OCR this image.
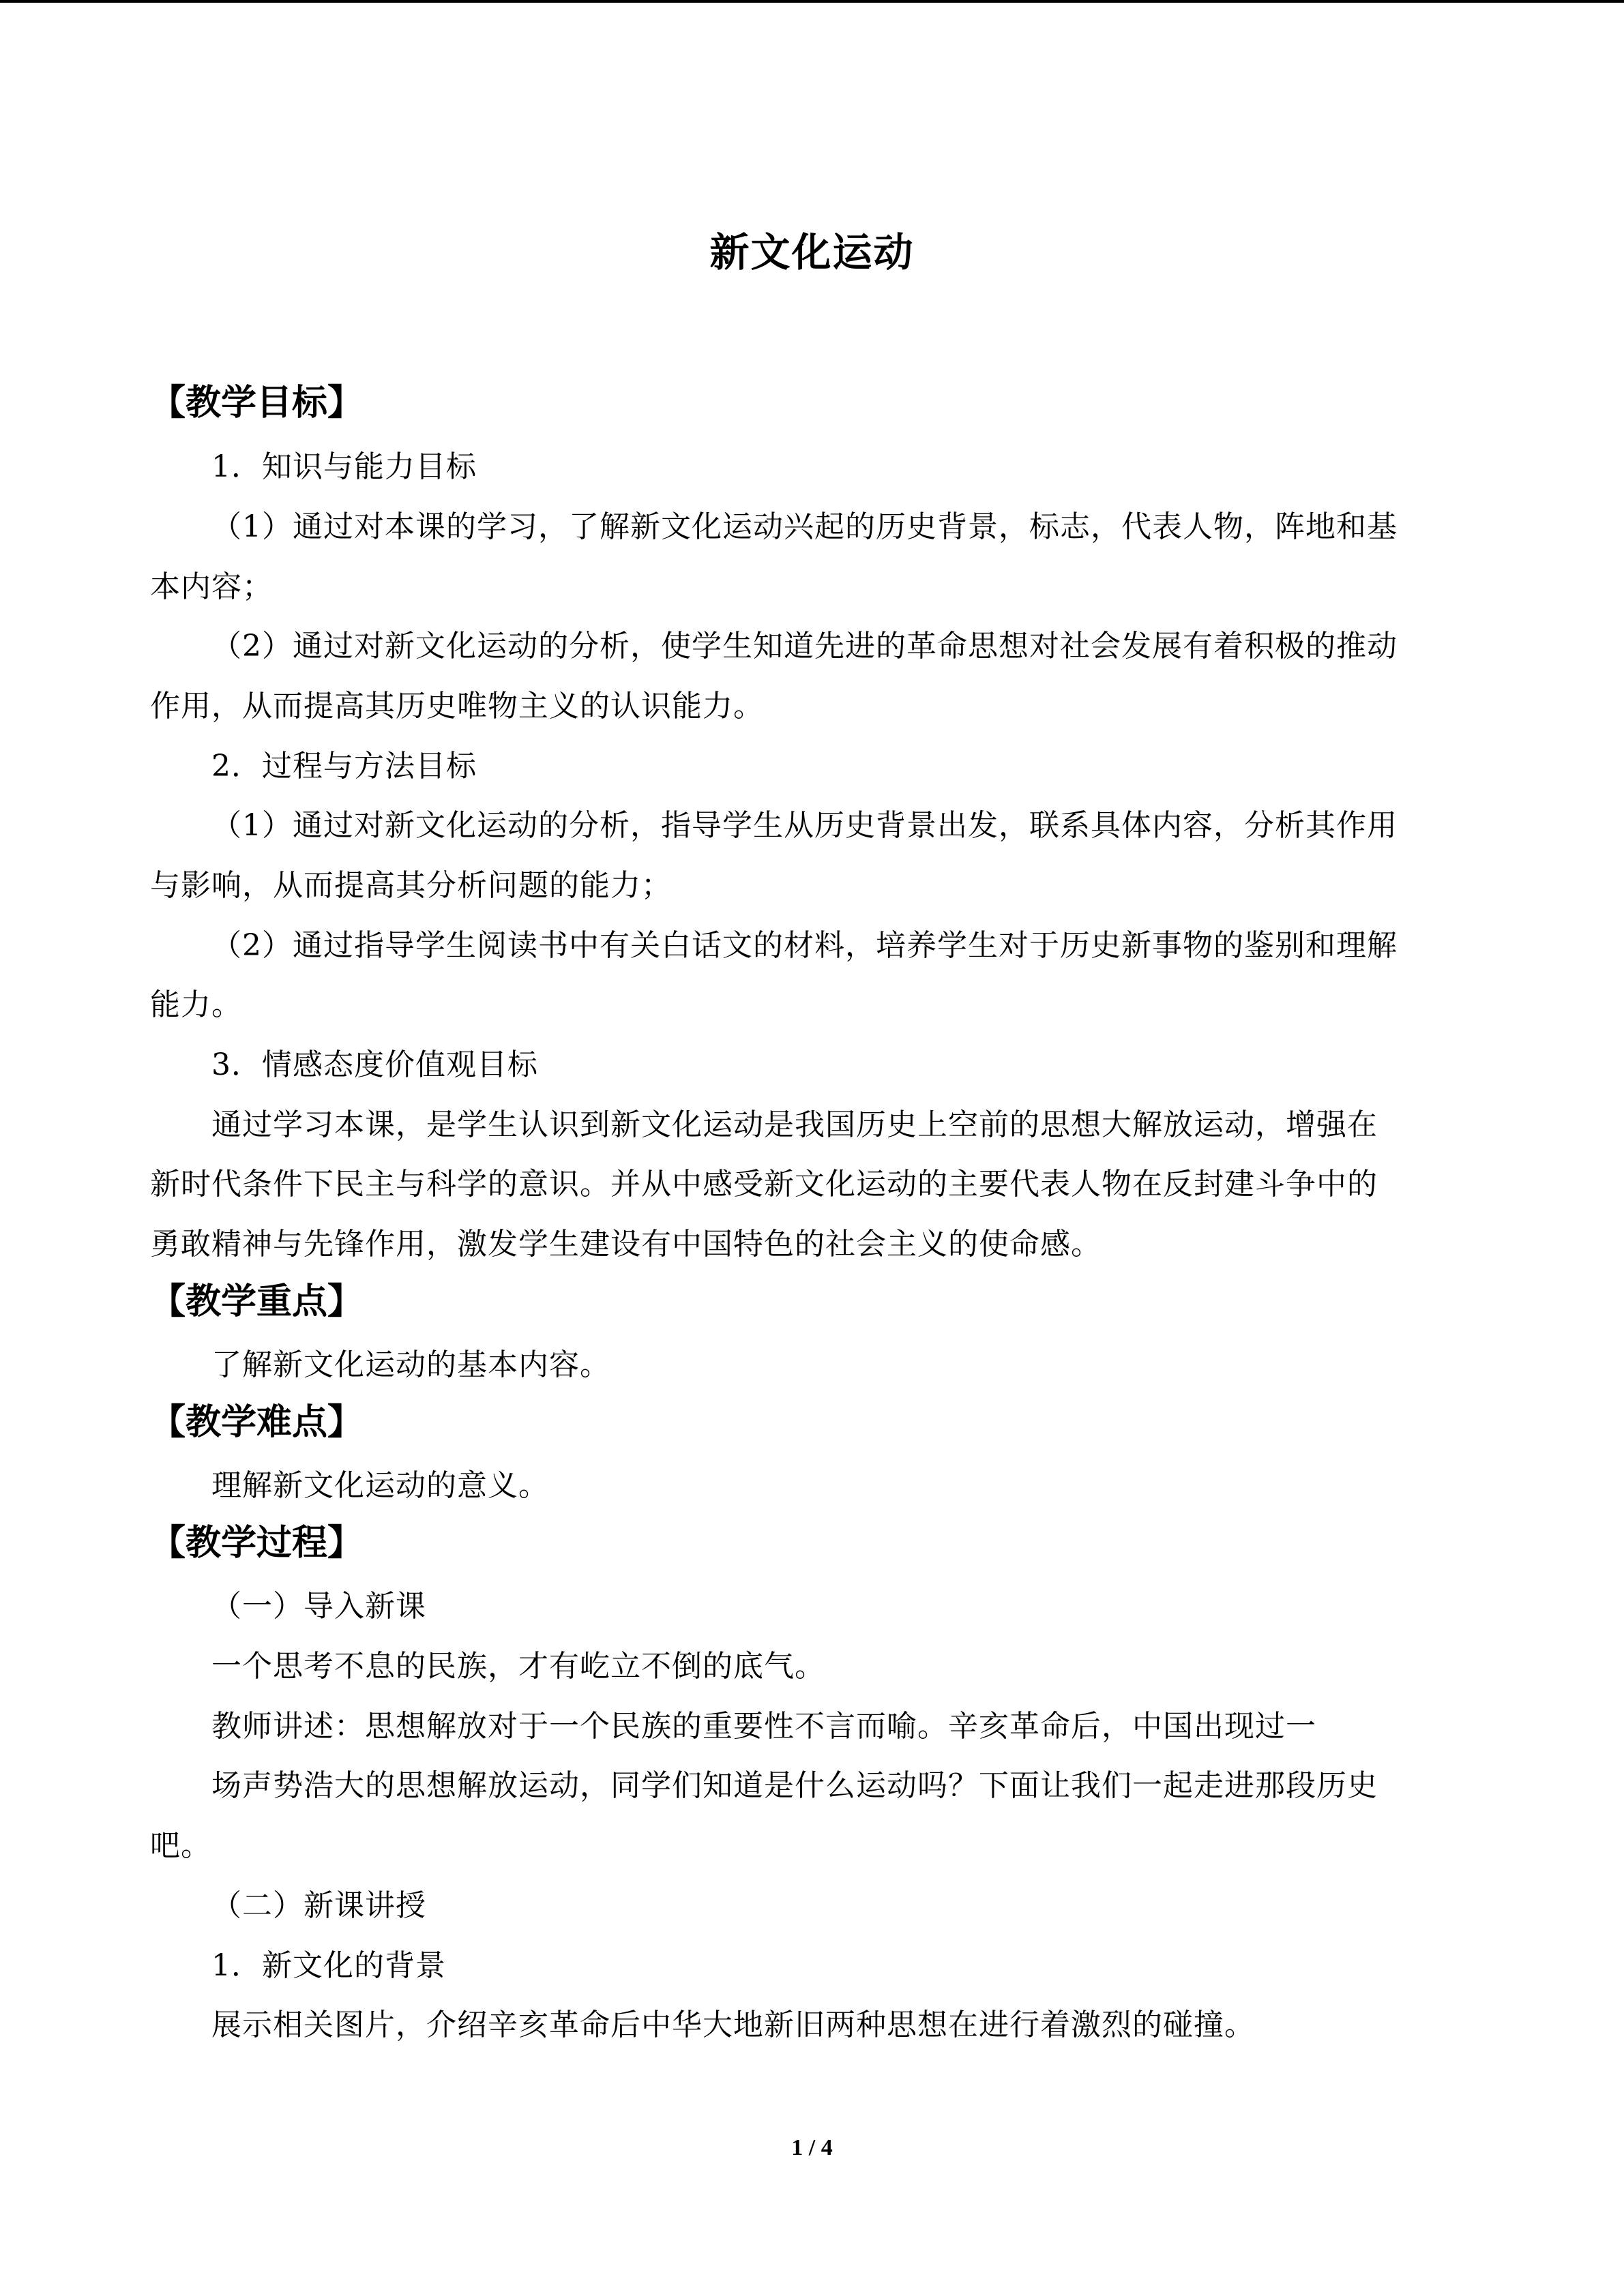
新文化运动
【教学目标】
1．知识与能力目标
（1）通过对本课的学习，了解新文化运动兴起的历史背景，标志，代表人物，阵地和基
本内容；
（2）通过对新文化运动的分析，使学生知道先进的革命思想对社会发展有着积极的推动
作用，从而提高其历史唯物主义的认识能力。
2．过程与方法目标
（1）通过对新文化运动的分析，指导学生从历史背景出发，联系具体内容，分析其作用
与影响，从而提高其分析问题的能力；
（2）通过指导学生阅读书中有关白话文的材料，培养学生对于历史新事物的鉴别和理解
能力。
3．情感态度价值观目标
通过学习本课，是学生认识到新文化运动是我国历史上空前的思想大解放运动，增强在
新时代条件下民主与科学的意识。并从中感受新文化运动的主要代表人物在反封建斗争中的
勇敢精神与先锋作用，激发学生建设有中国特色的社会主义的使命感。
【教学重点】
了解新文化运动的基本内容。
【教学难点】
理解新文化运动的意义。
【教学过程】
（一）导入新课
一个思考不息的民族，才有屹立不倒的底气。
教师讲述：思想解放对于一个民族的重要性不言而喻。辛亥革命后，中国出现过一
场声势浩大的思想解放运动，同学们知道是什么运动吗？下面让我们一起走进那段历史
吧。
（二）新课讲授
1．新文化的背景
展示相关图片，介绍辛亥革命后中华大地新旧两种思想在进行着激烈的碰撞。
1 / 4
